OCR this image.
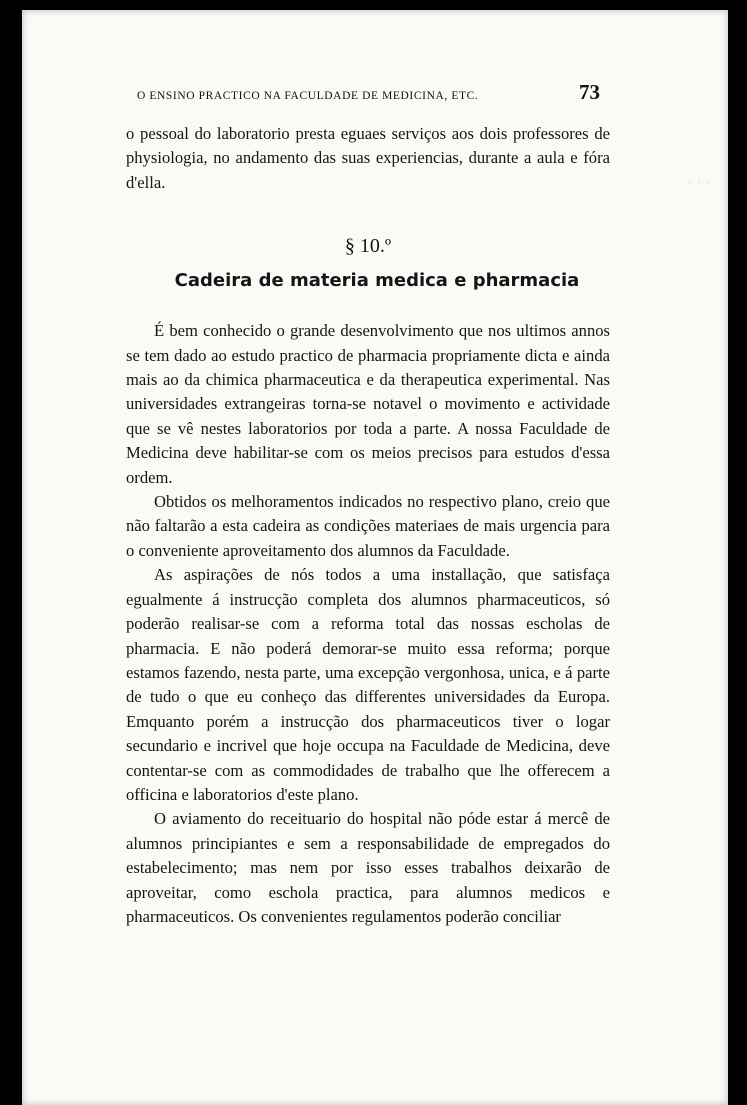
O ENSINO PRACTICO NA FACULDADE DE MEDICINA, ETC.	73
· · ·

o pessoal do laboratorio presta eguaes serviços aos dois professores de physiologia, no andamento das suas experiencias, durante a aula e fóra d'ella.

§ 10.º

Cadeira de materia medica e pharmacia

É bem conhecido o grande desenvolvimento que nos ultimos annos se tem dado ao estudo practico de pharmacia propriamente dicta e ainda mais ao da chimica pharmaceutica e da therapeutica experimental. Nas universidades extrangeiras torna-se notavel o movimento e actividade que se vê nestes laboratorios por toda a parte. A nossa Faculdade de Medicina deve habilitar-se com os meios precisos para estudos d'essa ordem.

Obtidos os melhoramentos indicados no respectivo plano, creio que não faltarão a esta cadeira as condições materiaes de mais urgencia para o conveniente aproveitamento dos alumnos da Faculdade.

As aspirações de nós todos a uma installação, que satisfaça egualmente á instrucção completa dos alumnos pharmaceuticos, só poderão realisar-se com a reforma total das nossas escholas de pharmacia. E não poderá demorar-se muito essa reforma; porque estamos fazendo, nesta parte, uma excepção vergonhosa, unica, e á parte de tudo o que eu conheço das differentes universidades da Europa. Emquanto porém a instrucção dos pharmaceuticos tiver o logar secundario e incrivel que hoje occupa na Faculdade de Medicina, deve contentar-se com as commodidades de trabalho que lhe offerecem a officina e laboratorios d'este plano.

O aviamento do receituario do hospital não póde estar á mercê de alumnos principiantes e sem a responsabilidade de empregados do estabelecimento; mas nem por isso esses trabalhos deixarão de aproveitar, como eschola practica, para alumnos medicos e pharmaceuticos. Os convenientes regulamentos poderão conciliar
